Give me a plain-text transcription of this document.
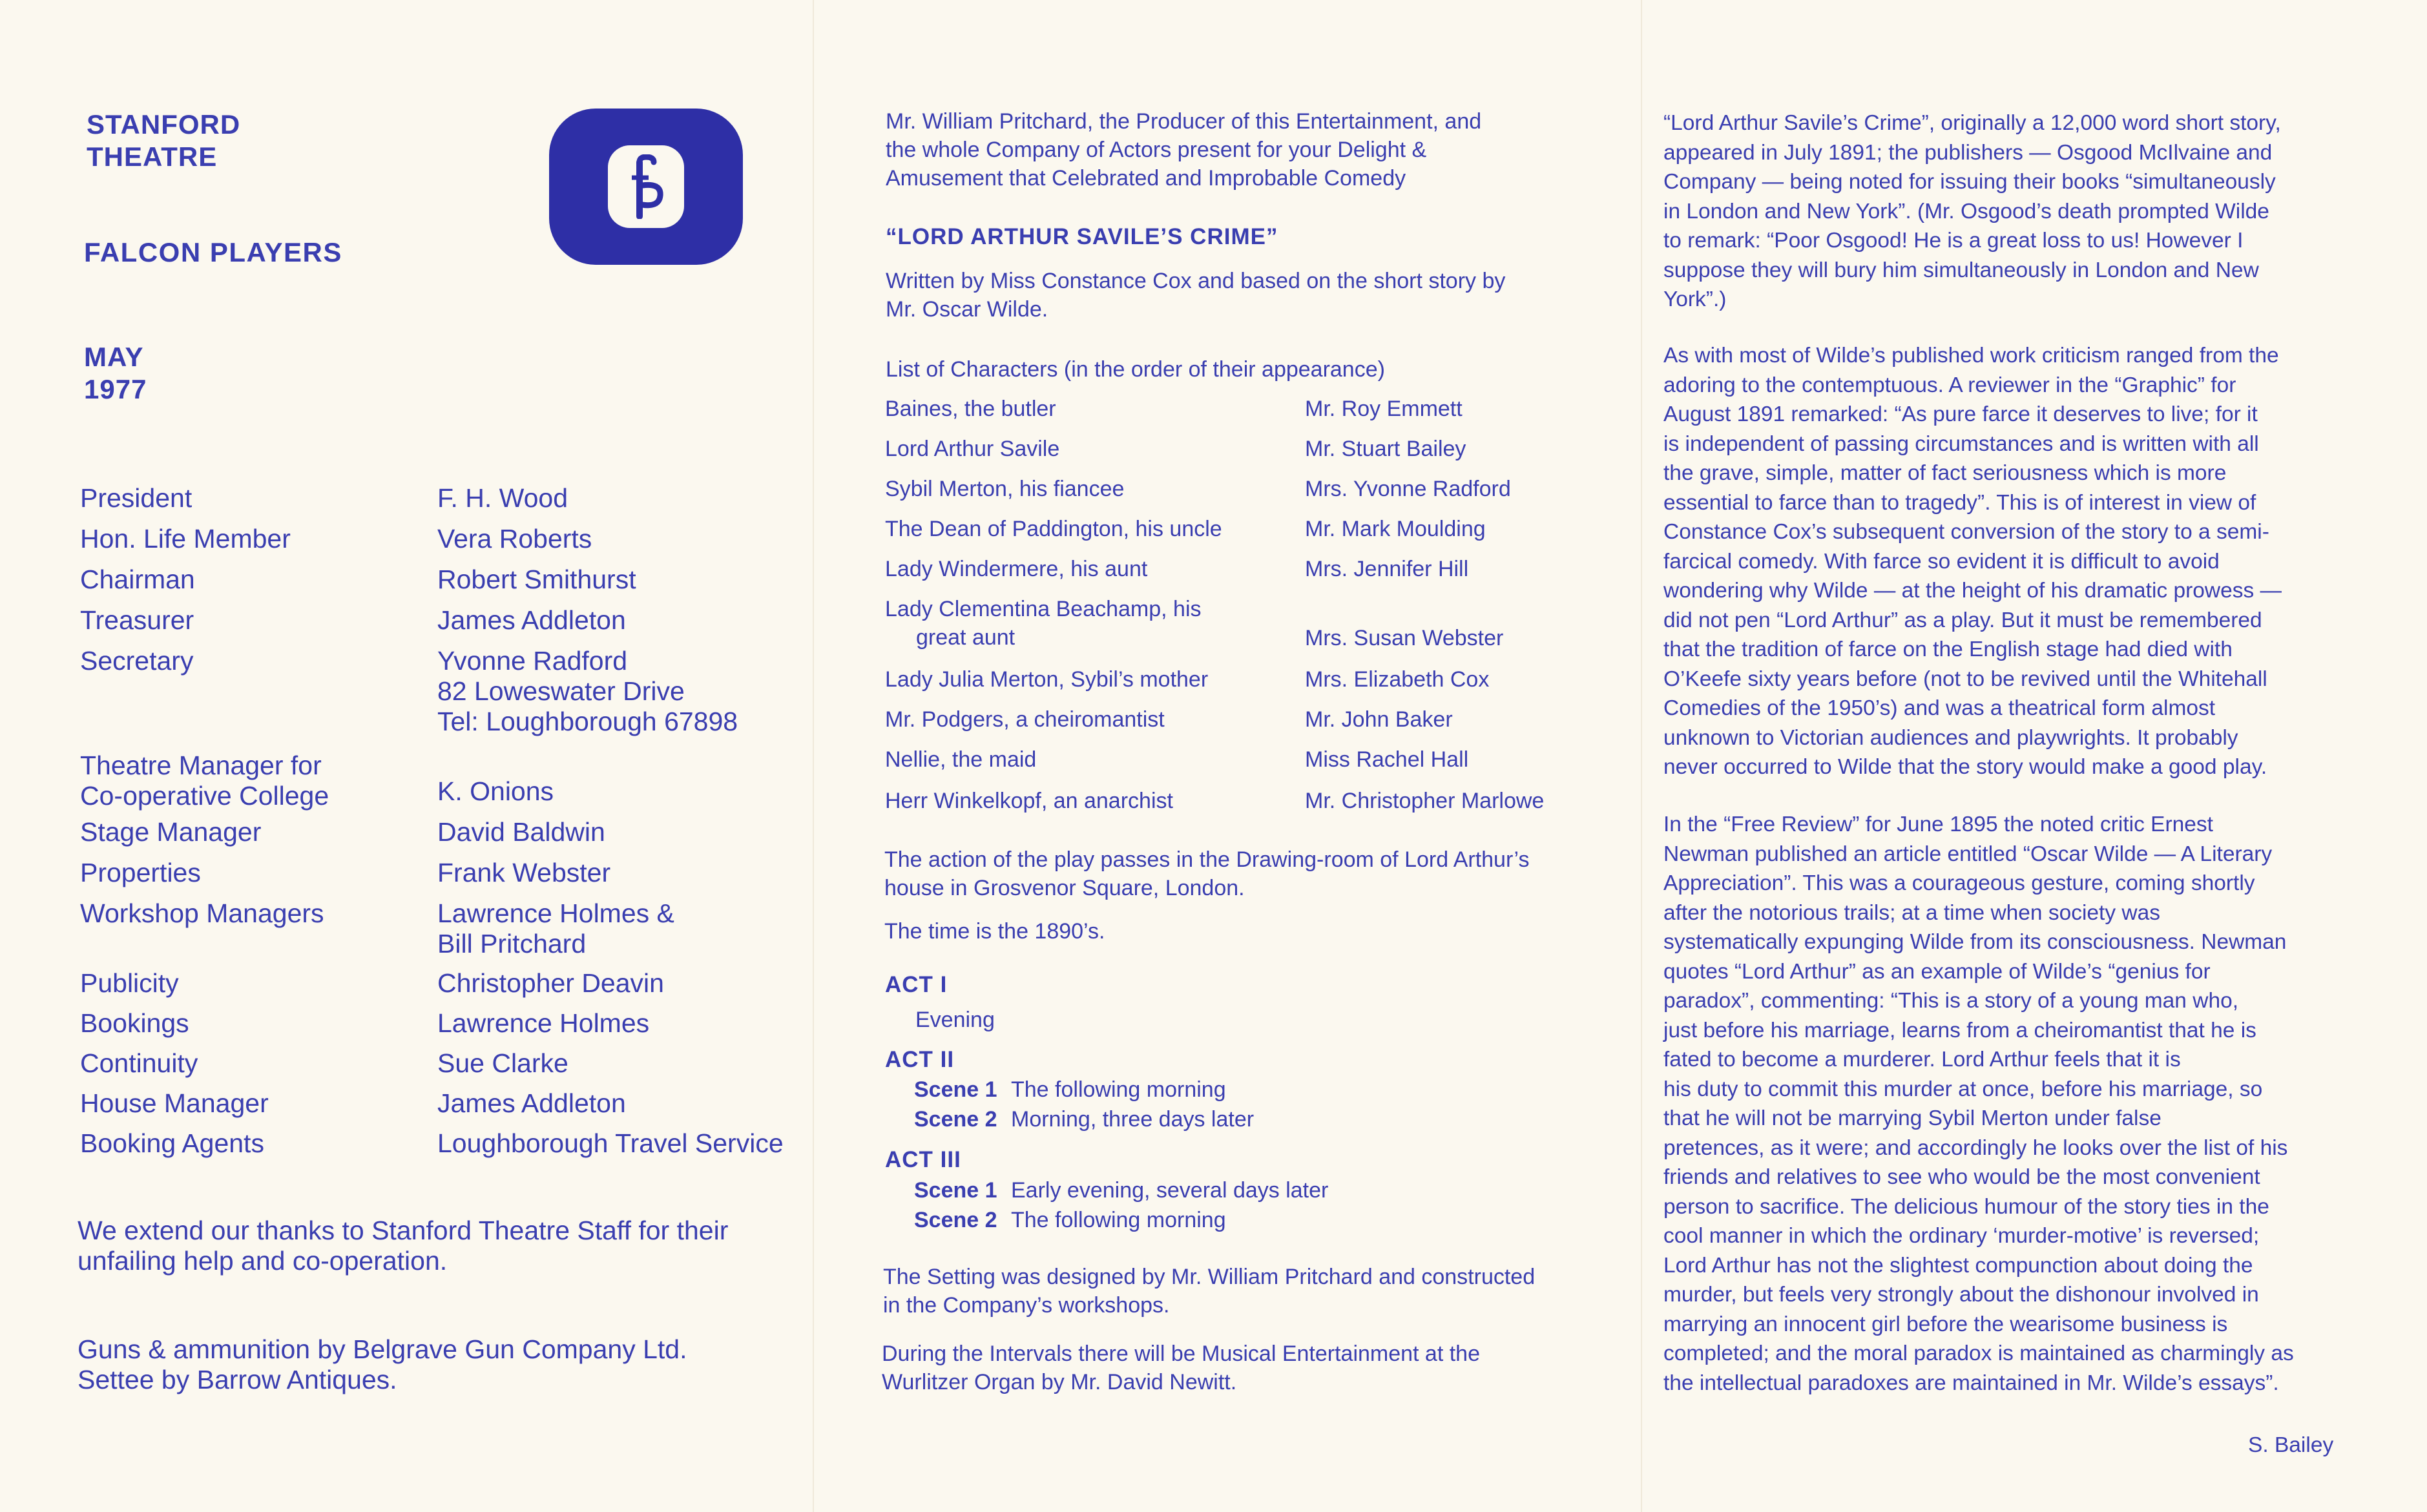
STANFORD
THEATRE
FALCON PLAYERS
MAY
1977
President	F. H. Wood
Hon. Life Member	Vera Roberts
Chairman	Robert Smithurst
Treasurer	James Addleton
Secretary	Yvonne Radford
82 Loweswater Drive
Tel: Loughborough 67898
Theatre Manager for
Co-operative College	K. Onions
Stage Manager	David Baldwin
Properties	Frank Webster
Workshop Managers	Lawrence Holmes &
Bill Pritchard
Publicity	Christopher Deavin
Bookings	Lawrence Holmes
Continuity	Sue Clarke
House Manager	James Addleton
Booking Agents	Loughborough Travel Service
We extend our thanks to Stanford Theatre Staff for their
unfailing help and co-operation.
Guns & ammunition by Belgrave Gun Company Ltd.
Settee by Barrow Antiques.
Mr. William Pritchard, the Producer of this Entertainment, and
the whole Company of Actors present for your Delight &
Amusement that Celebrated and Improbable Comedy
“LORD ARTHUR SAVILE’S CRIME”
Written by Miss Constance Cox and based on the short story by
Mr. Oscar Wilde.
List of Characters (in the order of their appearance)
Baines, the butler	Mr. Roy Emmett
Lord Arthur Savile	Mr. Stuart Bailey
Sybil Merton, his fiancee	Mrs. Yvonne Radford
The Dean of Paddington, his uncle	Mr. Mark Moulding
Lady Windermere, his aunt	Mrs. Jennifer Hill
Lady Clementina Beachamp, his
great aunt	Mrs. Susan Webster
Lady Julia Merton, Sybil’s mother	Mrs. Elizabeth Cox
Mr. Podgers, a cheiromantist	Mr. John Baker
Nellie, the maid	Miss Rachel Hall
Herr Winkelkopf, an anarchist	Mr. Christopher Marlowe
The action of the play passes in the Drawing-room of Lord Arthur’s
house in Grosvenor Square, London.
The time is the 1890’s.
ACT I
Evening
ACT II
Scene 1 The following morning
Scene 2 Morning, three days later
ACT III
Scene 1 Early evening, several days later
Scene 2 The following morning
The Setting was designed by Mr. William Pritchard and constructed
in the Company’s workshops.
During the Intervals there will be Musical Entertainment at the
Wurlitzer Organ by Mr. David Newitt.
“Lord Arthur Savile’s Crime”, originally a 12,000 word short story,
appeared in July 1891; the publishers — Osgood McIlvaine and
Company — being noted for issuing their books “simultaneously
in London and New York”. (Mr. Osgood’s death prompted Wilde
to remark: “Poor Osgood! He is a great loss to us! However I
suppose they will bury him simultaneously in London and New
York”.)
As with most of Wilde’s published work criticism ranged from the
adoring to the contemptuous. A reviewer in the “Graphic” for
August 1891 remarked: “As pure farce it deserves to live; for it
is independent of passing circumstances and is written with all
the grave, simple, matter of fact seriousness which is more
essential to farce than to tragedy”. This is of interest in view of
Constance Cox’s subsequent conversion of the story to a semi-
farcical comedy. With farce so evident it is difficult to avoid
wondering why Wilde — at the height of his dramatic prowess —
did not pen “Lord Arthur” as a play. But it must be remembered
that the tradition of farce on the English stage had died with
O’Keefe sixty years before (not to be revived until the Whitehall
Comedies of the 1950’s) and was a theatrical form almost
unknown to Victorian audiences and playwrights. It probably
never occurred to Wilde that the story would make a good play.
In the “Free Review” for June 1895 the noted critic Ernest
Newman published an article entitled “Oscar Wilde — A Literary
Appreciation”. This was a courageous gesture, coming shortly
after the notorious trails; at a time when society was
systematically expunging Wilde from its consciousness. Newman
quotes “Lord Arthur” as an example of Wilde’s “genius for
paradox”, commenting: “This is a story of a young man who,
just before his marriage, learns from a cheiromantist that he is
fated to become a murderer. Lord Arthur feels that it is
his duty to commit this murder at once, before his marriage, so
that he will not be marrying Sybil Merton under false
pretences, as it were; and accordingly he looks over the list of his
friends and relatives to see who would be the most convenient
person to sacrifice. The delicious humour of the story ties in the
cool manner in which the ordinary ‘murder-motive’ is reversed;
Lord Arthur has not the slightest compunction about doing the
murder, but feels very strongly about the dishonour involved in
marrying an innocent girl before the wearisome business is
completed; and the moral paradox is maintained as charmingly as
the intellectual paradoxes are maintained in Mr. Wilde’s essays”.
S. Bailey
